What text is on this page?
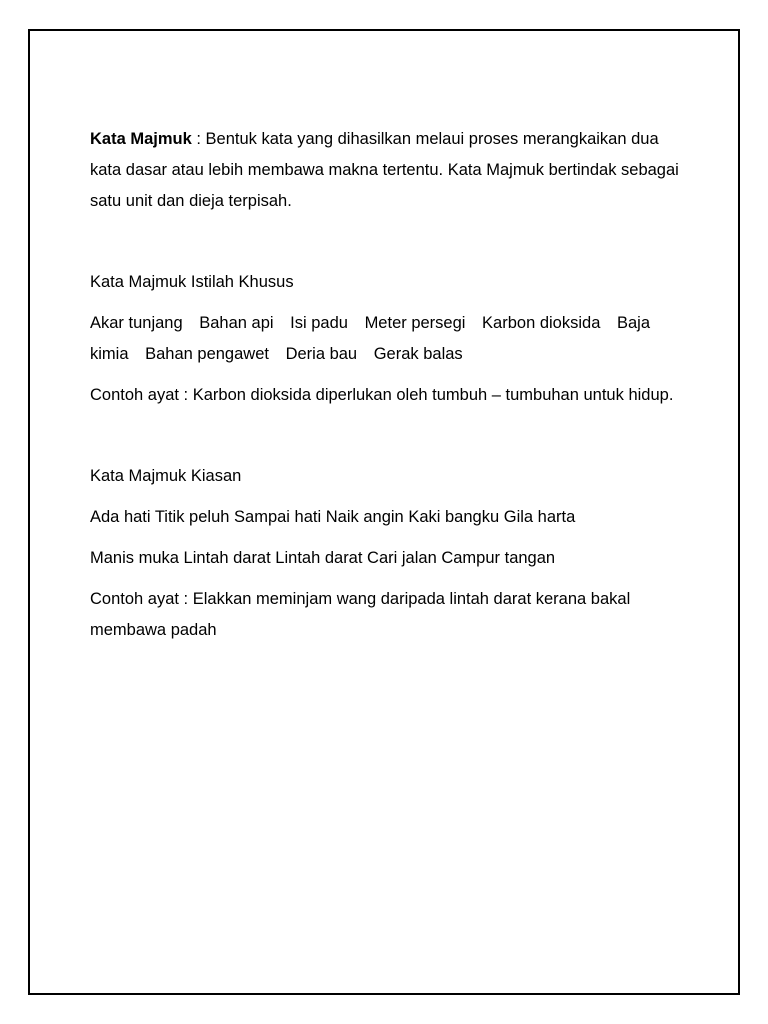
Kata Majmuk : Bentuk kata yang dihasilkan melaui proses merangkaikan dua kata dasar atau lebih membawa makna tertentu. Kata Majmuk bertindak sebagai satu unit dan dieja terpisah.

Kata Majmuk Istilah Khusus

Akar tunjang Bahan api Isi padu Meter persegi Karbon dioksida Baja kimia Bahan pengawet Deria bau Gerak balas

Contoh ayat : Karbon dioksida diperlukan oleh tumbuh – tumbuhan untuk hidup.

Kata Majmuk Kiasan

Ada hati Titik peluh Sampai hati Naik angin Kaki bangku Gila harta

Manis muka Lintah darat Lintah darat Cari jalan Campur tangan

Contoh ayat : Elakkan meminjam wang daripada lintah darat kerana bakal membawa padah
